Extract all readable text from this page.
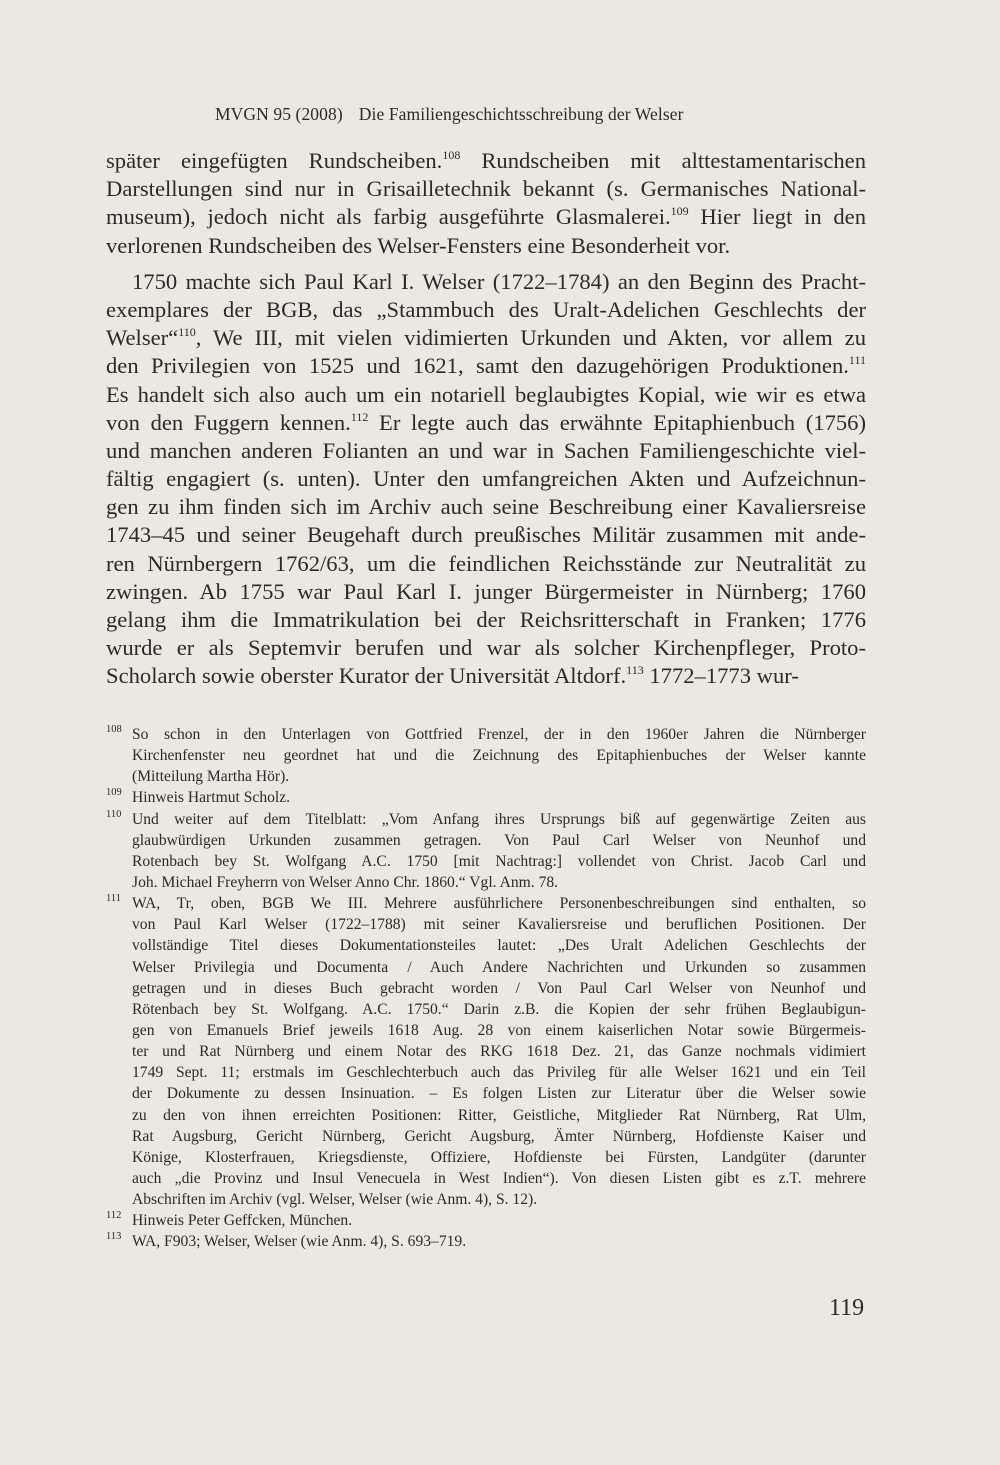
MVGN 95 (2008) Die Familiengeschichtsschreibung der Welser
später eingefügten Rundscheiben.$^{108}$ Rundscheiben mit alttestamentarischen
Darstellungen sind nur in Grisailletechnik bekannt (s. Germanisches National-
museum), jedoch nicht als farbig ausgeführte Glasmalerei.$^{109}$ Hier liegt in den
verlorenen Rundscheiben des Welser-Fensters eine Besonderheit vor.
1750 machte sich Paul Karl I. Welser (1722–1784) an den Beginn des Pracht-
exemplares der BGB, das „Stammbuch des Uralt-Adelichen Geschlechts der
Welser“$^{110}$, We III, mit vielen vidimierten Urkunden und Akten, vor allem zu
den Privilegien von 1525 und 1621, samt den dazugehörigen Produktionen.$^{111}$
Es handelt sich also auch um ein notariell beglaubigtes Kopial, wie wir es etwa
von den Fuggern kennen.$^{112}$ Er legte auch das erwähnte Epitaphienbuch (1756)
und manchen anderen Folianten an und war in Sachen Familiengeschichte viel-
fältig engagiert (s. unten). Unter den umfangreichen Akten und Aufzeichnun-
gen zu ihm finden sich im Archiv auch seine Beschreibung einer Kavaliersreise
1743–45 und seiner Beugehaft durch preußisches Militär zusammen mit ande-
ren Nürnbergern 1762/63, um die feindlichen Reichsstände zur Neutralität zu
zwingen. Ab 1755 war Paul Karl I. junger Bürgermeister in Nürnberg; 1760
gelang ihm die Immatrikulation bei der Reichsritterschaft in Franken; 1776
wurde er als Septemvir berufen und war als solcher Kirchenpfleger, Proto-
Scholarch sowie oberster Kurator der Universität Altdorf.$^{113}$ 1772–1773 wur-
108 So schon in den Unterlagen von Gottfried Frenzel, der in den 1960er Jahren die Nürnberger
Kirchenfenster neu geordnet hat und die Zeichnung des Epitaphienbuches der Welser kannte
(Mitteilung Martha Hör).
109 Hinweis Hartmut Scholz.
110 Und weiter auf dem Titelblatt: „Vom Anfang ihres Ursprungs biß auf gegenwärtige Zeiten aus
glaubwürdigen Urkunden zusammen getragen. Von Paul Carl Welser von Neunhof und
Rotenbach bey St. Wolfgang A.C. 1750 [mit Nachtrag:] vollendet von Christ. Jacob Carl und
Joh. Michael Freyherrn von Welser Anno Chr. 1860.“ Vgl. Anm. 78.
111 WA, Tr, oben, BGB We III. Mehrere ausführlichere Personenbeschreibungen sind enthalten, so
von Paul Karl Welser (1722–1788) mit seiner Kavaliersreise und beruflichen Positionen. Der
vollständige Titel dieses Dokumentationsteiles lautet: „Des Uralt Adelichen Geschlechts der
Welser Privilegia und Documenta / Auch Andere Nachrichten und Urkunden so zusammen
getragen und in dieses Buch gebracht worden / Von Paul Carl Welser von Neunhof und
Rötenbach bey St. Wolfgang. A.C. 1750.“ Darin z.B. die Kopien der sehr frühen Beglaubigun-
gen von Emanuels Brief jeweils 1618 Aug. 28 von einem kaiserlichen Notar sowie Bürgermeis-
ter und Rat Nürnberg und einem Notar des RKG 1618 Dez. 21, das Ganze nochmals vidimiert
1749 Sept. 11; erstmals im Geschlechterbuch auch das Privileg für alle Welser 1621 und ein Teil
der Dokumente zu dessen Insinuation. – Es folgen Listen zur Literatur über die Welser sowie
zu den von ihnen erreichten Positionen: Ritter, Geistliche, Mitglieder Rat Nürnberg, Rat Ulm,
Rat Augsburg, Gericht Nürnberg, Gericht Augsburg, Ämter Nürnberg, Hofdienste Kaiser und
Könige, Klosterfrauen, Kriegsdienste, Offiziere, Hofdienste bei Fürsten, Landgüter (darunter
auch „die Provinz und Insul Venecuela in West Indien“). Von diesen Listen gibt es z.T. mehrere
Abschriften im Archiv (vgl. Welser, Welser (wie Anm. 4), S. 12).
112 Hinweis Peter Geffcken, München.
113 WA, F903; Welser, Welser (wie Anm. 4), S. 693–719.
119
